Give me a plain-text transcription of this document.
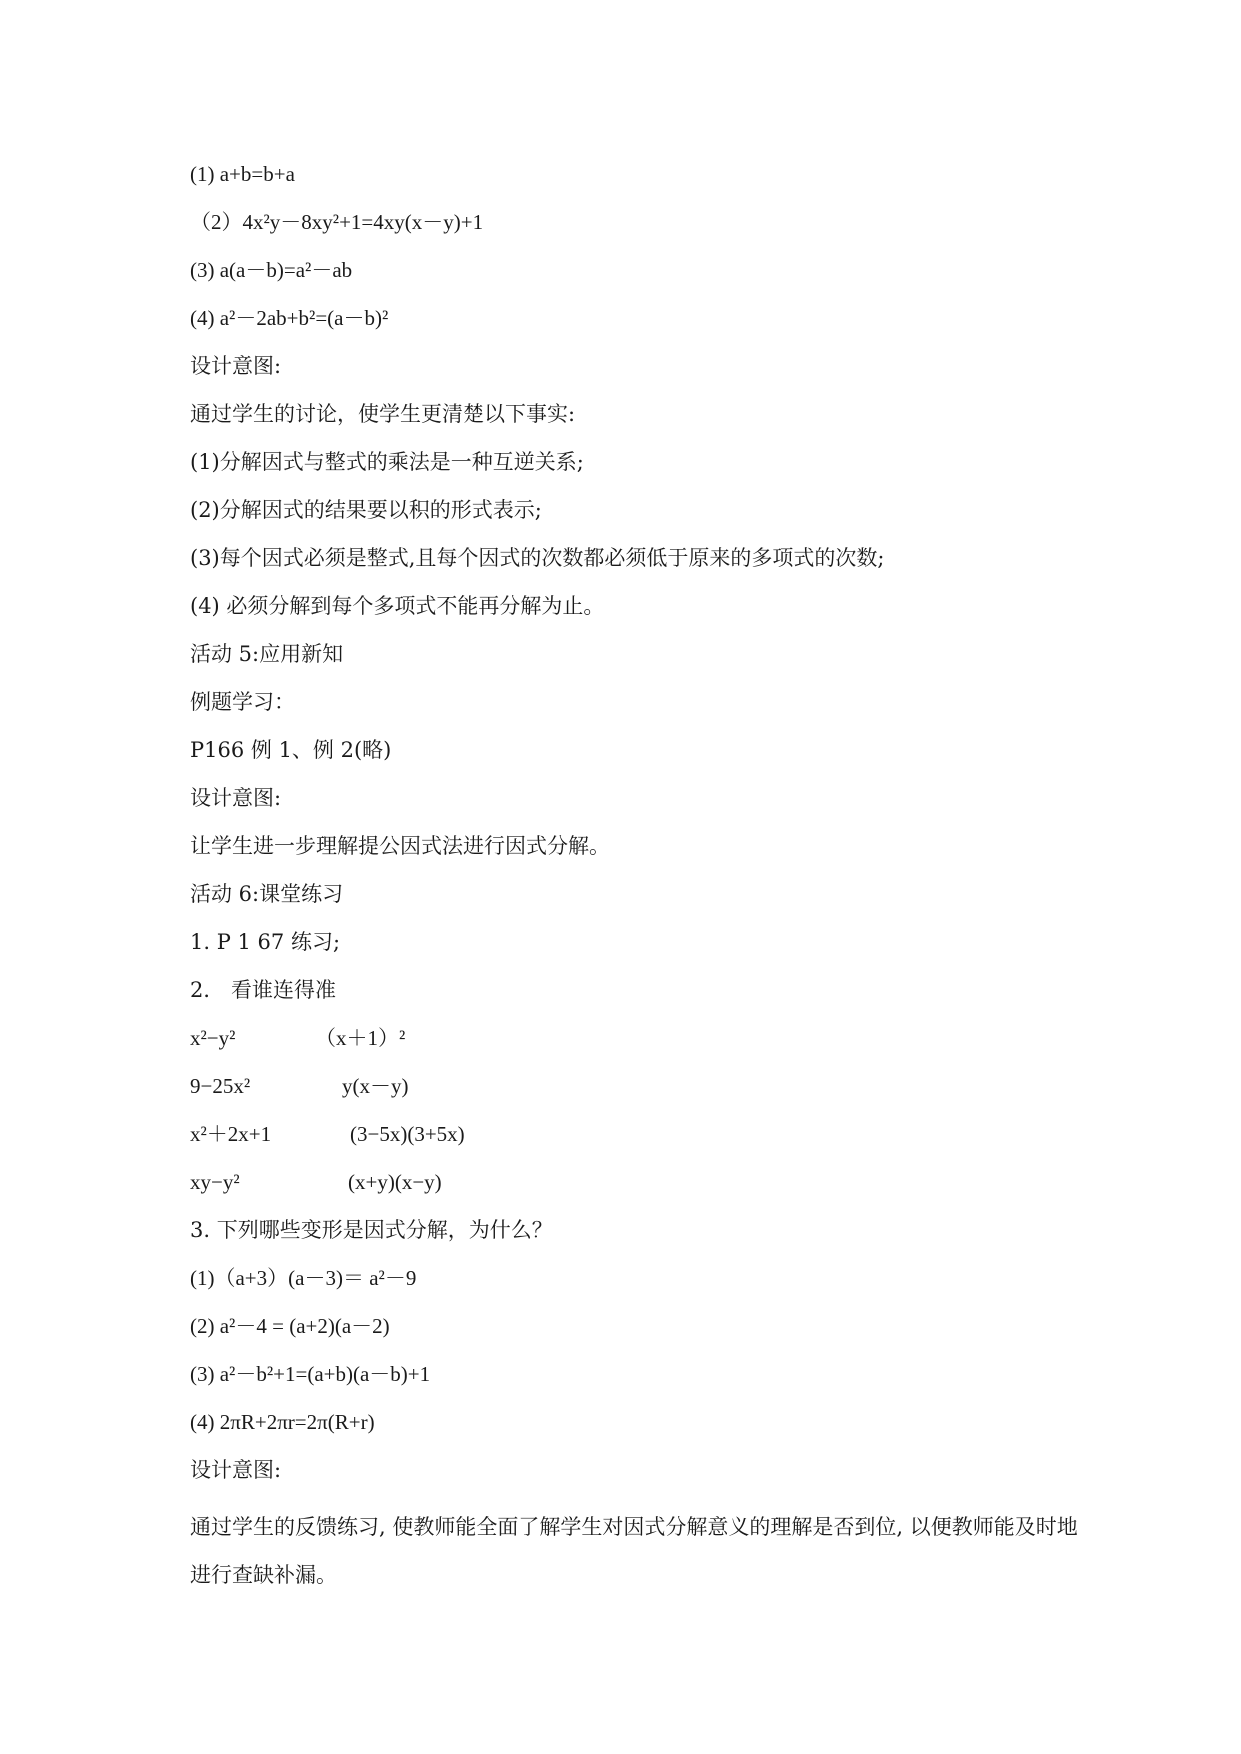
(1) a+b=b+a
（2）4x²y－8xy²+1=4xy(x－y)+1
(3) a(a－b)=a²－ab
(4) a²－2ab+b²=(a－b)²
设计意图:
通过学生的讨论，使学生更清楚以下事实:
(1)分解因式与整式的乘法是一种互逆关系;
(2)分解因式的结果要以积的形式表示;
(3)每个因式必须是整式,且每个因式的次数都必须低于原来的多项式的次数;
(4) 必须分解到每个多项式不能再分解为止。
活动 5:应用新知
例题学习：
P166 例 1、例 2(略)
设计意图:
让学生进一步理解提公因式法进行因式分解。
活动 6:课堂练习
1. P 1 67 练习;
2． 看谁连得准
x²−y²	（x＋1）²
9−25x²	y(x－y)
x²＋2x+1	(3−5x)(3+5x)
xy−y²	(x+y)(x−y)
3. 下列哪些变形是因式分解，为什么？
(1)（a+3）(a－3)＝ a²－9
(2) a²－4 = (a+2)(a－2)
(3) a²－b²+1=(a+b)(a－b)+1
(4) 2πR+2πr=2π(R+r)
设计意图:
通过学生的反馈练习, 使教师能全面了解学生对因式分解意义的理解是否到位, 以便教师能及时地进行查缺补漏。
